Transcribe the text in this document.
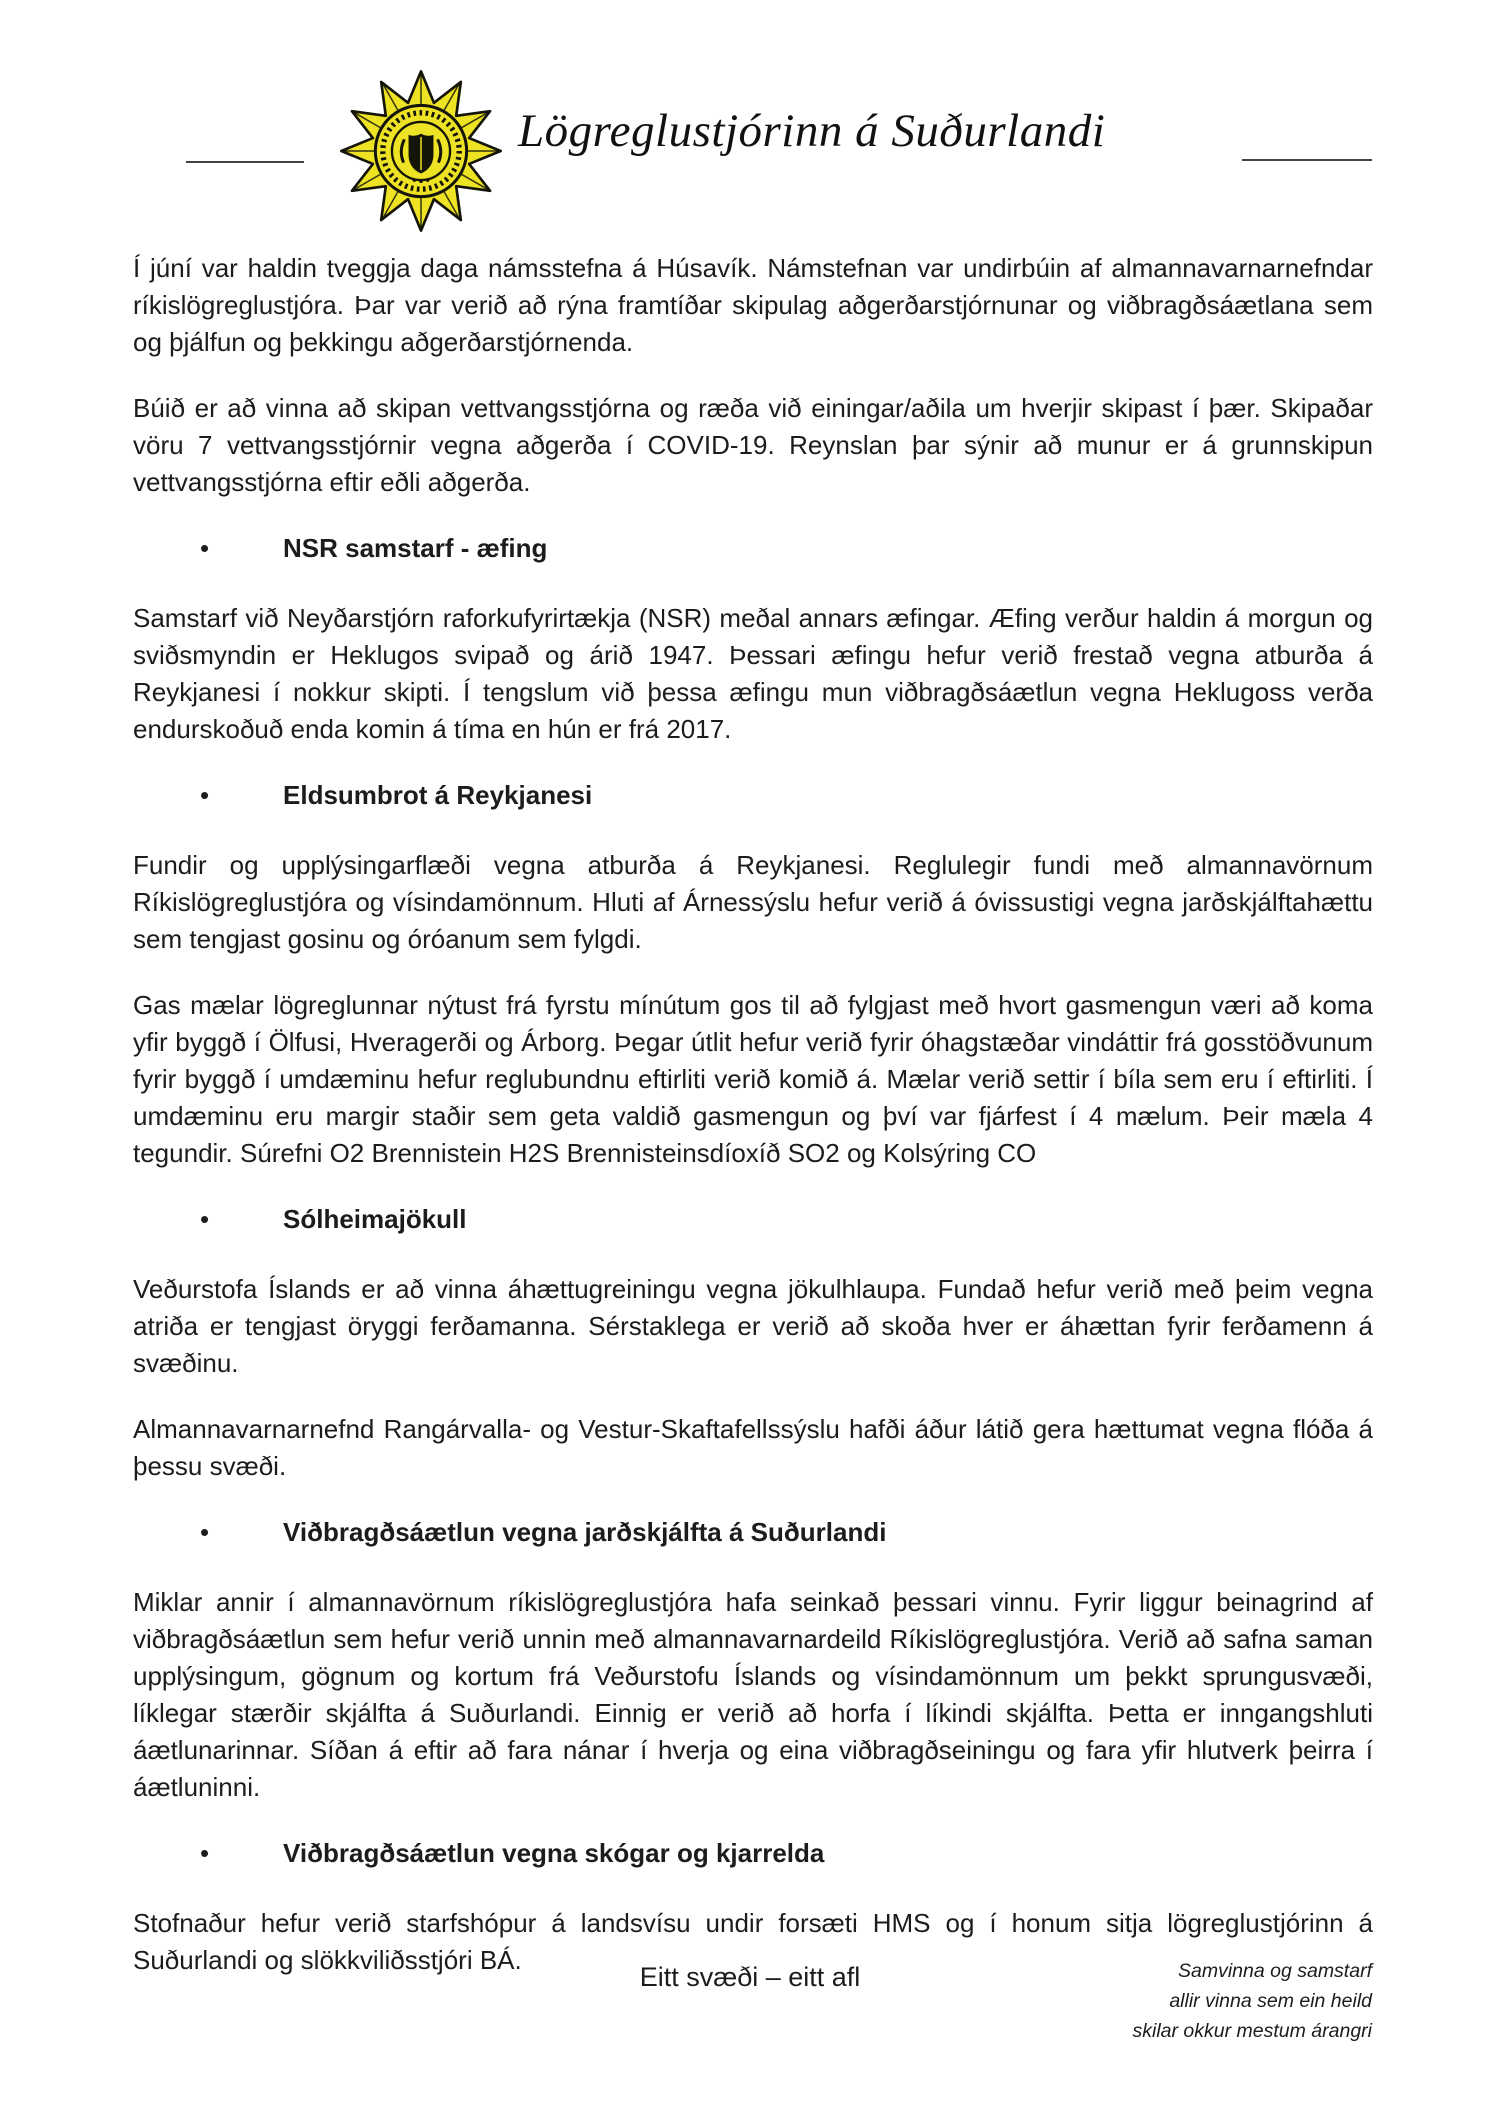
Lögreglustjórinn á Suðurlandi

Í júní var haldin tveggja daga námsstefna á Húsavík. Námstefnan var undirbúin af almannavarnarnefndar ríkislögreglustjóra. Þar var verið að rýna framtíðar skipulag aðgerðarstjórnunar og viðbragðsáætlana sem og þjálfun og þekkingu aðgerðarstjórnenda.

Búið er að vinna að skipan vettvangsstjórna og ræða við einingar/aðila um hverjir skipast í þær. Skipaðar vöru 7 vettvangsstjórnir vegna aðgerða í COVID-19. Reynslan þar sýnir að munur er á grunnskipun vettvangsstjórna eftir eðli aðgerða.

•	NSR samstarf - æfing

Samstarf við Neyðarstjórn raforkufyrirtækja (NSR) meðal annars æfingar. Æfing verður haldin á morgun og sviðsmyndin er Heklugos svipað og árið 1947. Þessari æfingu hefur verið frestað vegna atburða á Reykjanesi í nokkur skipti. Í tengslum við þessa æfingu mun viðbragðsáætlun vegna Heklugoss verða endurskoðuð enda komin á tíma en hún er frá 2017.

•	Eldsumbrot á Reykjanesi

Fundir og upplýsingarflæði vegna atburða á Reykjanesi. Reglulegir fundi með almannavörnum Ríkislögreglustjóra og vísindamönnum. Hluti af Árnessýslu hefur verið á óvissustigi vegna jarðskjálftahættu sem tengjast gosinu og óróanum sem fylgdi.

Gas mælar lögreglunnar nýtust frá fyrstu mínútum gos til að fylgjast með hvort gasmengun væri að koma yfir byggð í Ölfusi, Hveragerði og Árborg. Þegar útlit hefur verið fyrir óhagstæðar vindáttir frá gosstöðvunum fyrir byggð í umdæminu hefur reglubundnu eftirliti verið komið á. Mælar verið settir í bíla sem eru í eftirliti. Í umdæminu eru margir staðir sem geta valdið gasmengun og því var fjárfest í 4 mælum. Þeir mæla 4 tegundir. Súrefni O2 Brennistein H2S Brennisteinsdíoxíð SO2 og Kolsýring CO

•	Sólheimajökull

Veðurstofa Íslands er að vinna áhættugreiningu vegna jökulhlaupa. Fundað hefur verið með þeim vegna atriða er tengjast öryggi ferðamanna. Sérstaklega er verið að skoða hver er áhættan fyrir ferðamenn á svæðinu.

Almannavarnarnefnd Rangárvalla- og Vestur-Skaftafellssýslu hafði áður látið gera hættumat vegna flóða á þessu svæði.

•	Viðbragðsáætlun vegna jarðskjálfta á Suðurlandi

Miklar annir í almannavörnum ríkislögreglustjóra hafa seinkað þessari vinnu. Fyrir liggur beinagrind af viðbragðsáætlun sem hefur verið unnin með almannavarnardeild Ríkislögreglustjóra. Verið að safna saman upplýsingum, gögnum og kortum frá Veðurstofu Íslands og vísindamönnum um þekkt sprungusvæði, líklegar stærðir skjálfta á Suðurlandi. Einnig er verið að horfa í líkindi skjálfta. Þetta er inngangshluti áætlunarinnar. Síðan á eftir að fara nánar í hverja og eina viðbragðseiningu og fara yfir hlutverk þeirra í áætluninni.

•	Viðbragðsáætlun vegna skógar og kjarrelda

Stofnaður hefur verið starfshópur á landsvísu undir forsæti HMS og í honum sitja lögreglustjórinn á Suðurlandi og slökkviliðsstjóri BÁ.

Eitt svæði – eitt afl	Samvinna og samstarf
allir vinna sem ein heild
skilar okkur mestum árangri
